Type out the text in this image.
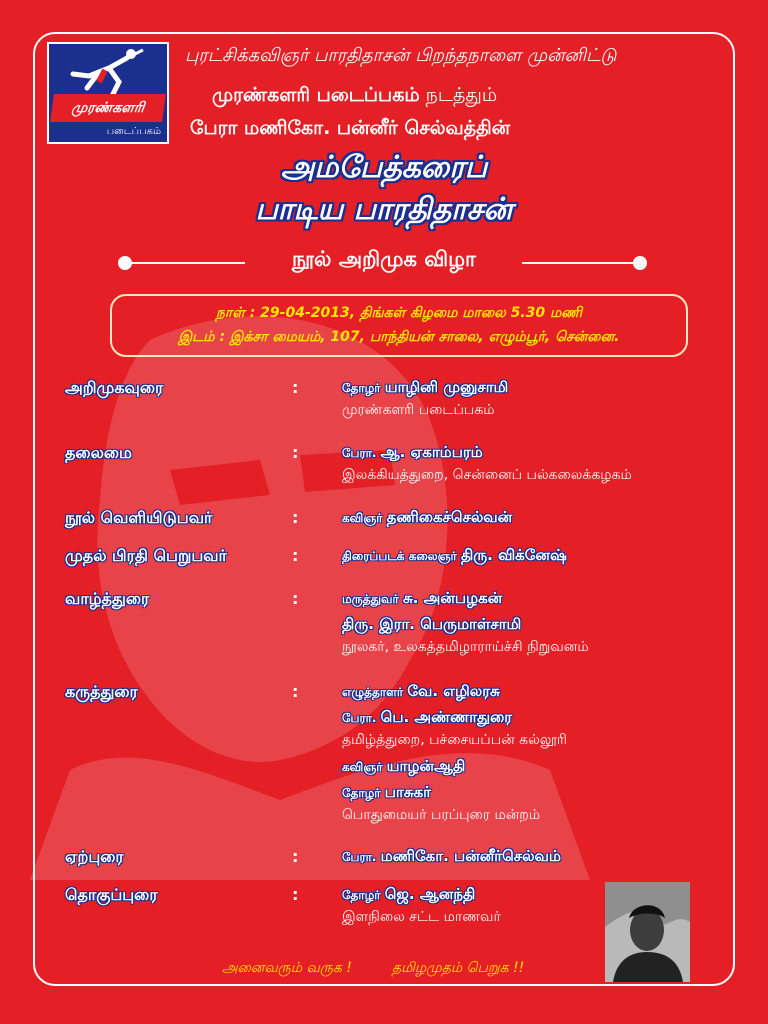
முரண்களரி
படைப்பகம்
புரட்சிக்கவிஞர் பாரதிதாசன் பிறந்தநாளை முன்னிட்டு
முரண்களரி படைப்பகம் நடத்தும்
பேரா மணிகோ. பன்னீர் செல்வத்தின்
அம்பேத்கரைப்
பாடிய பாரதிதாசன்
நூல் அறிமுக விழா
நாள் : 29-04-2013, திங்கள் கிழமை மாலை 5.30 மணி
இடம் : இக்சா மையம், 107, பாந்தியன் சாலை, எழும்பூர், சென்னை.
அறிமுகவுரை	:	தோழர் யாழினி முனுசாமி
முரண்களரி படைப்பகம்
தலைமை	:	பேரா. ஆ. ஏகாம்பரம்
இலக்கியத்துறை, சென்னைப் பல்கலைக்கழகம்
நூல் வெளியிடுபவர்	:	கவிஞர் தணிகைச்செல்வன்
முதல் பிரதி பெறுபவர்	:	திரைப்படக் கலைஞர் திரு. விக்னேஷ்
வாழ்த்துரை	:	மருத்துவர் சு. அன்பழகன்
திரு. இரா. பெருமாள்சாமி
நூலகர், உலகத்தமிழாராய்ச்சி நிறுவனம்
கருத்துரை	:	எழுத்தாளர் வே. எழிலரசு
பேரா. பெ. அண்ணாதுரை
தமிழ்த்துறை, பச்சையப்பன் கல்லூரி
கவிஞர் யாழன்ஆதி
தோழர் பாசுகர்
பொதுமையர் பரப்புரை மன்றம்
ஏற்புரை	:	பேரா. மணிகோ. பன்னீர்செல்வம்
தொகுப்புரை	:	தோழர் ஜெ. ஆனந்தி
இளநிலை சட்ட மாணவர்
அனைவரும் வருக !	தமிழமுதம் பெறுக !!
